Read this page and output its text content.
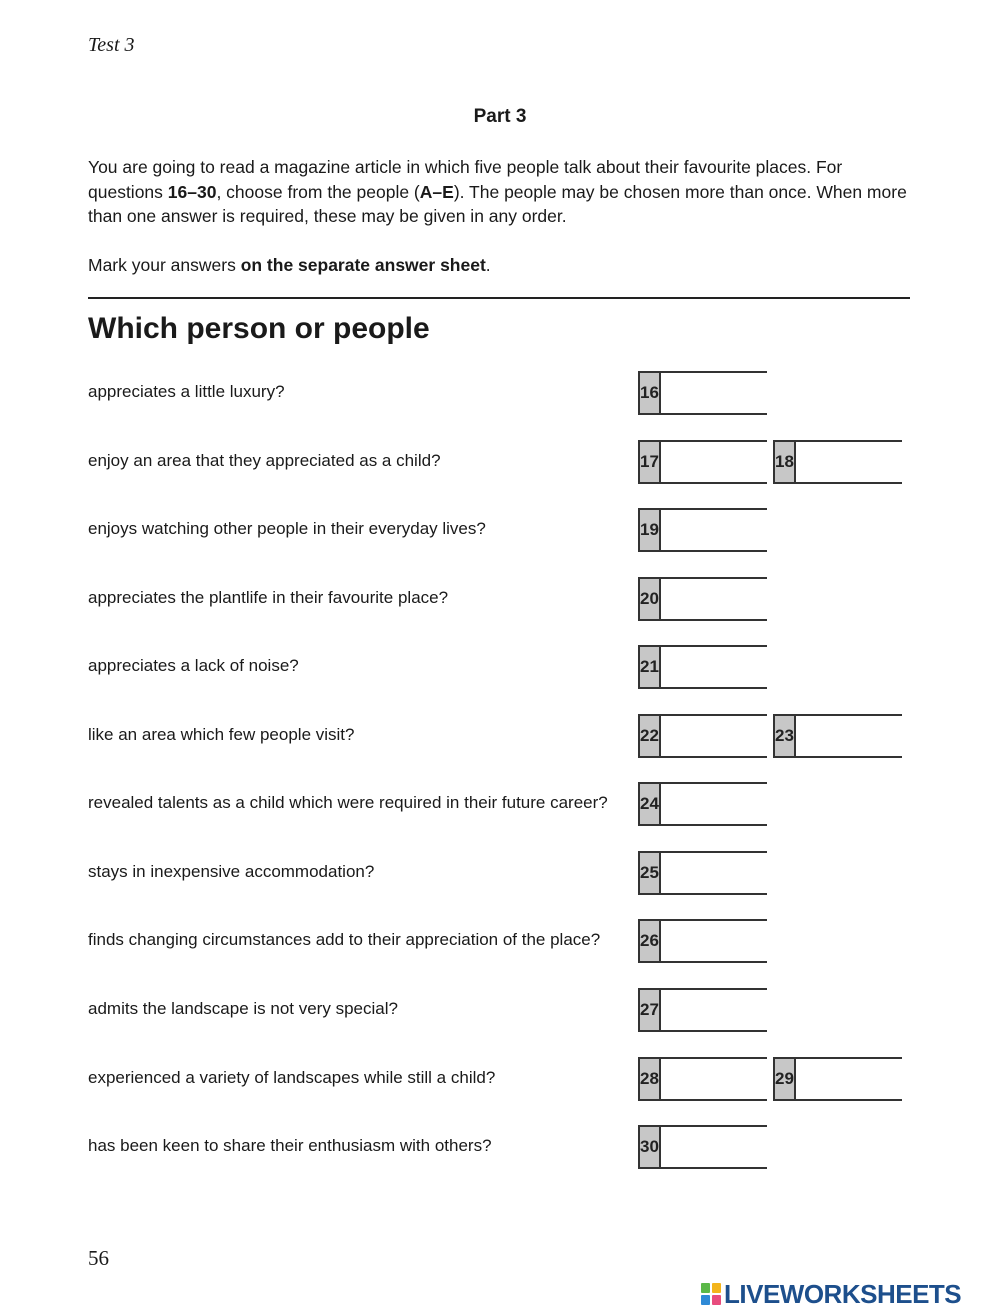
Test 3
Part 3
You are going to read a magazine article in which five people talk about their favourite places. For questions 16–30, choose from the people (A–E). The people may be chosen more than once. When more than one answer is required, these may be given in any order.
Mark your answers on the separate answer sheet.
Which person or people
appreciates a little luxury?	16
enjoy an area that they appreciated as a child?	17	18
enjoys watching other people in their everyday lives?	19
appreciates the plantlife in their favourite place?	20
appreciates a lack of noise?	21
like an area which few people visit?	22	23
revealed talents as a child which were required in their future career? 24
stays in inexpensive accommodation?	25
finds changing circumstances add to their appreciation of the place? 26
admits the landscape is not very special?	27
experienced a variety of landscapes while still a child?	28	29
has been keen to share their enthusiasm with others?	30
56
LIVEWORKSHEETS
